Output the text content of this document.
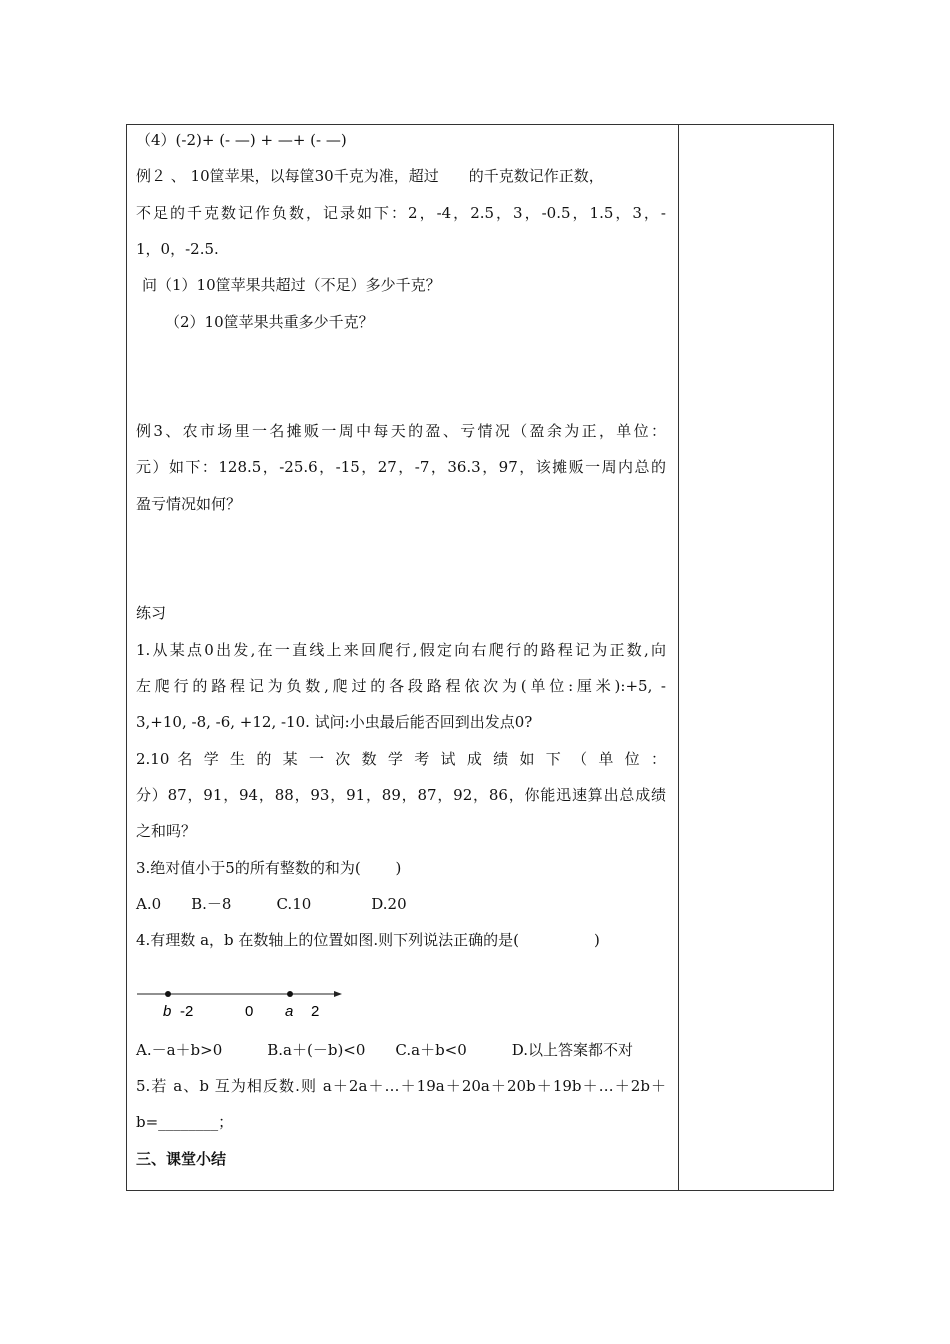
（4）(-2)+ (- —) + —+ (- —)
例２ 、 10筐苹果，以每筐30千克为准，超过　　的千克数记作正数，
不足的千克数记作负数，记录如下：2，-4，2.5，3，-0.5，1.5，3，-
1，0，-2.5.
问（1）10筐苹果共超过（不足）多少千克？
（2）10筐苹果共重多少千克？
例3、农市场里一名摊贩一周中每天的盈、亏情况（盈余为正，单位：
元）如下：128.5，-25.6，-15，27，-7，36.3，97，该摊贩一周内总的
盈亏情况如何？
练习
1.从某点0出发,在一直线上来回爬行,假定向右爬行的路程记为正数,向
左爬行的路程记为负数,爬过的各段路程依次为(单位:厘米):+5, -
3,+10, -8, -6, +12, -10. 试问:小虫最后能否回到出发点0?
2.10 名 学 生 的 某 一 次 数 学 考 试 成 绩 如 下 （ 单 位 ：
分）87，91，94，88，93，91，89，87，92，86，你能迅速算出总成绩
之和吗？
3.绝对值小于5的所有整数的和为(　　 )
A.0　　B.－8　　　C.10　　　　D.20
4.有理数 a，b 在数轴上的位置如图.则下列说法正确的是(　　　　　)
b -2	0 a 2
A.－a＋b>0　　　B.a＋(－b)<0　　C.a＋b<0　　　D.以上答案都不对
5.若 a、b 互为相反数.则 a＋2a＋…＋19a＋20a＋20b＋19b＋…＋2b＋
b=________；
三、课堂小结
